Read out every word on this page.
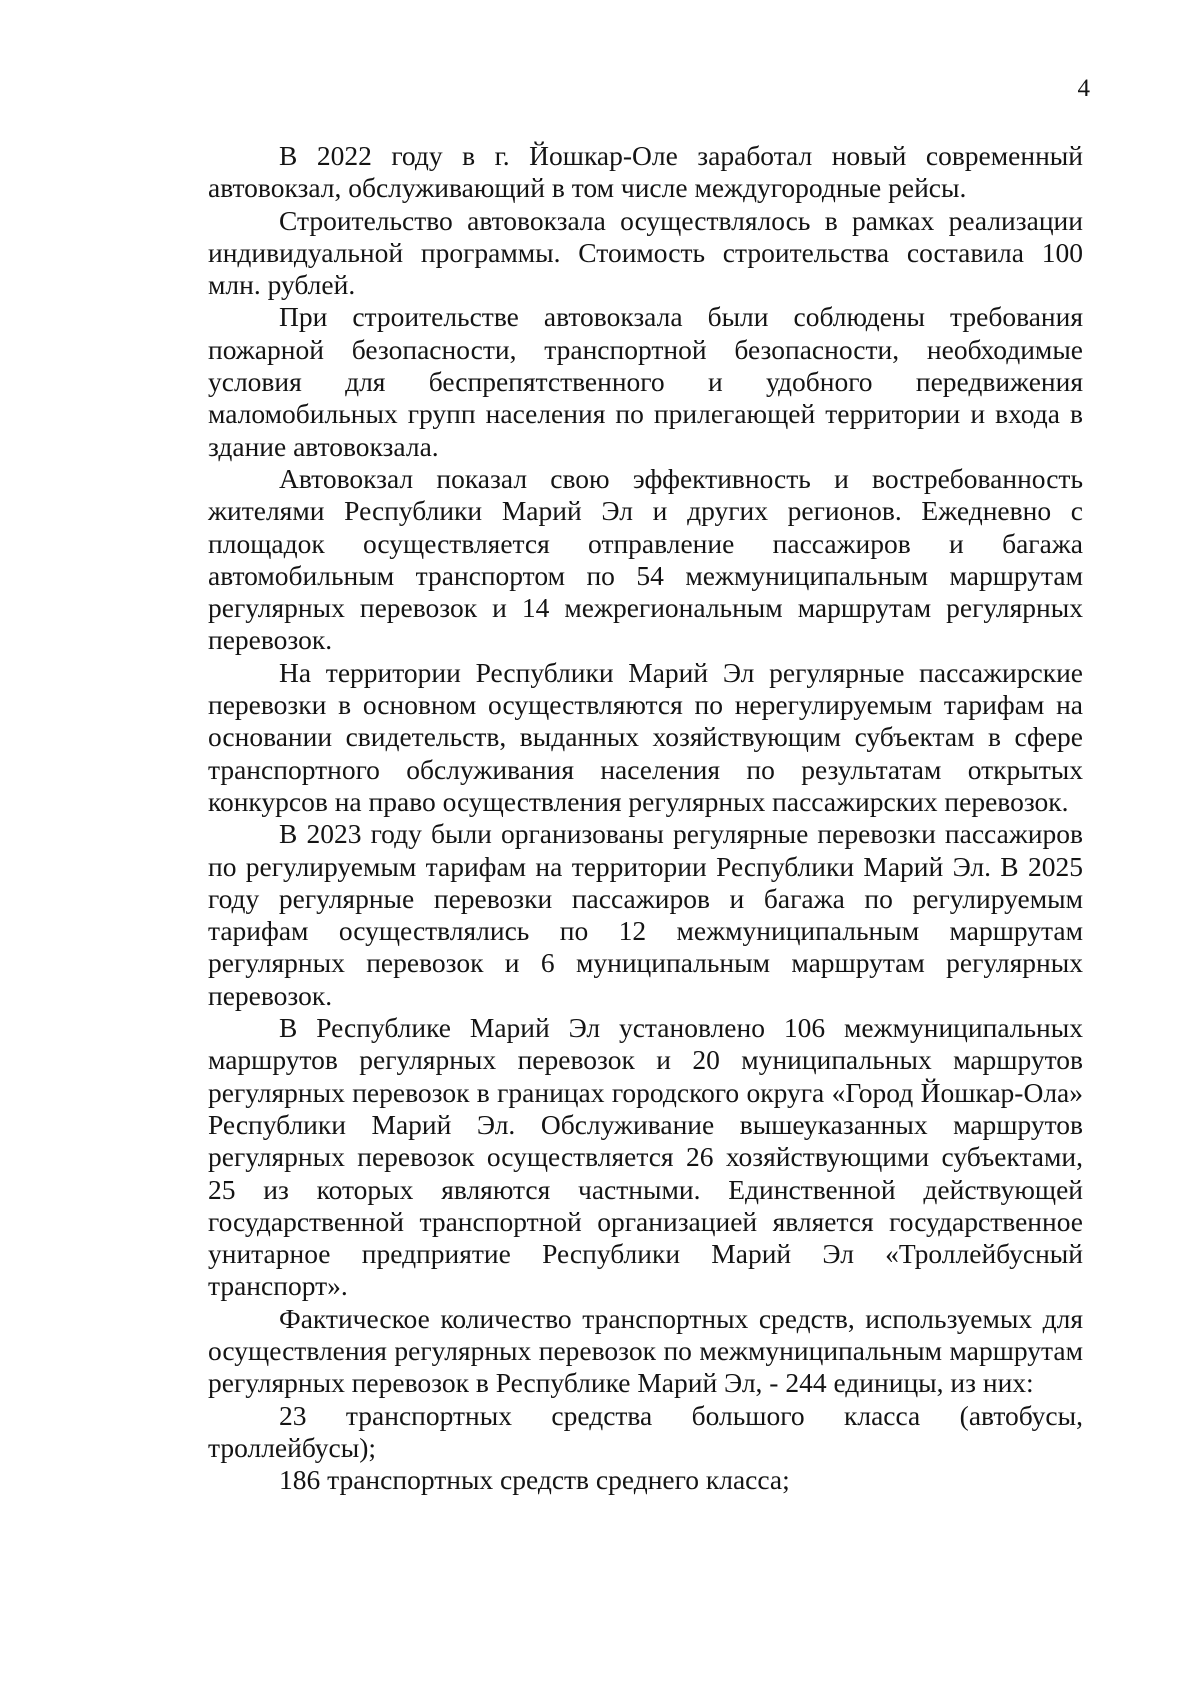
4

В 2022 году в г. Йошкар-Оле заработал новый современный автовокзал, обслуживающий в том числе междугородные рейсы.

Строительство автовокзала осуществлялось в рамках реализации индивидуальной программы. Стоимость строительства составила 100 млн. рублей.

При строительстве автовокзала были соблюдены требования пожарной безопасности, транспортной безопасности, необходимые условия для беспрепятственного и удобного передвижения маломобильных групп населения по прилегающей территории и входа в здание автовокзала.

Автовокзал показал свою эффективность и востребованность жителями Республики Марий Эл и других регионов. Ежедневно с площадок осуществляется отправление пассажиров и багажа автомобильным транспортом по 54 межмуниципальным маршрутам регулярных перевозок и 14 межрегиональным маршрутам регулярных перевозок.

На территории Республики Марий Эл регулярные пассажирские перевозки в основном осуществляются по нерегулируемым тарифам на основании свидетельств, выданных хозяйствующим субъектам в сфере транспортного обслуживания населения по результатам открытых конкурсов на право осуществления регулярных пассажирских перевозок.

В 2023 году были организованы регулярные перевозки пассажиров по регулируемым тарифам на территории Республики Марий Эл. В 2025 году регулярные перевозки пассажиров и багажа по регулируемым тарифам осуществлялись по 12 межмуниципальным маршрутам регулярных перевозок и 6 муниципальным маршрутам регулярных перевозок.

В Республике Марий Эл установлено 106 межмуниципальных маршрутов регулярных перевозок и 20 муниципальных маршрутов регулярных перевозок в границах городского округа «Город Йошкар-Ола» Республики Марий Эл. Обслуживание вышеуказанных маршрутов регулярных перевозок осуществляется 26 хозяйствующими субъектами, 25 из которых являются частными. Единственной действующей государственной транспортной организацией является государственное унитарное предприятие Республики Марий Эл «Троллейбусный транспорт».

Фактическое количество транспортных средств, используемых для осуществления регулярных перевозок по межмуниципальным маршрутам регулярных перевозок в Республике Марий Эл, - 244 единицы, из них:

23 транспортных средства большого класса (автобусы, троллейбусы);

186 транспортных средств среднего класса;
